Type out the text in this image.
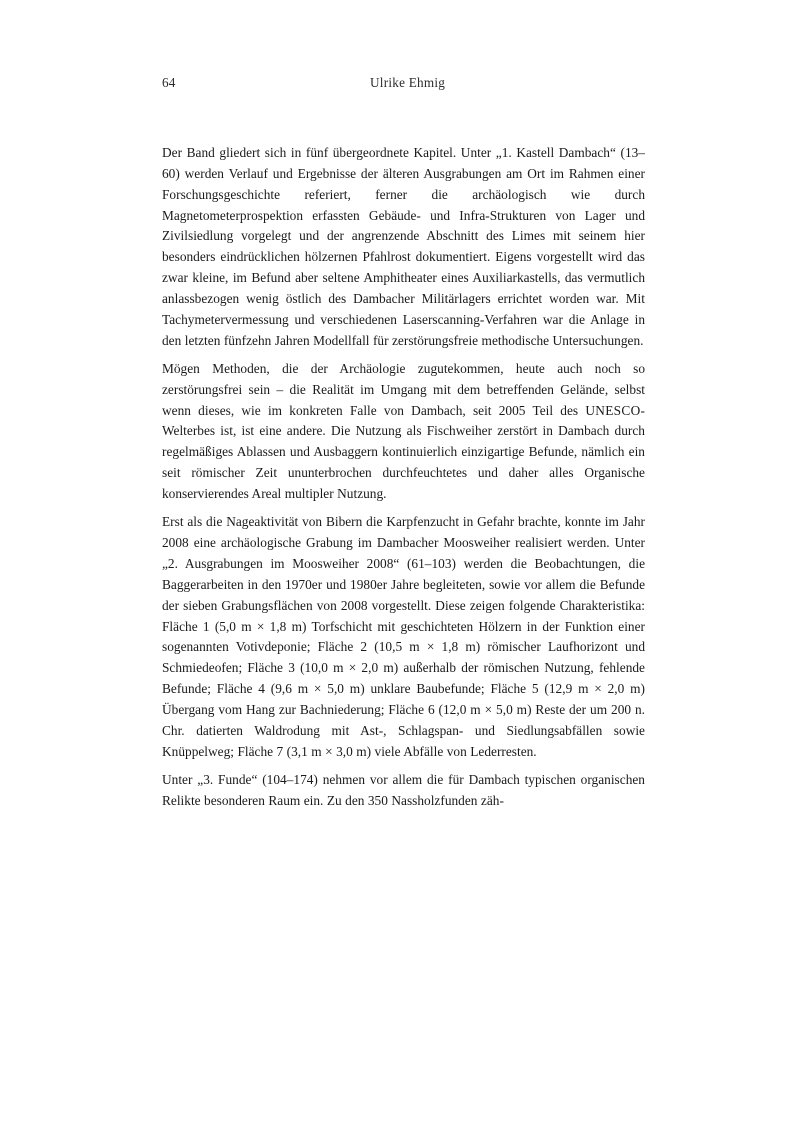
64	Ulrike Ehmig

Der Band gliedert sich in fünf übergeordnete Kapitel. Unter „1. Kastell Dambach“ (13–60) werden Verlauf und Ergebnisse der älteren Ausgrabungen am Ort im Rahmen einer Forschungsgeschichte referiert, ferner die archäologisch wie durch Magnetometerprospektion erfassten Gebäude- und Infra-Strukturen von Lager und Zivilsiedlung vorgelegt und der angrenzende Abschnitt des Limes mit seinem hier besonders eindrücklichen hölzernen Pfahlrost dokumentiert. Eigens vorgestellt wird das zwar kleine, im Befund aber seltene Amphitheater eines Auxiliarkastells, das vermutlich anlassbezogen wenig östlich des Dambacher Militärlagers errichtet worden war. Mit Tachymetervermessung und verschiedenen Laserscanning-Verfahren war die Anlage in den letzten fünfzehn Jahren Modellfall für zerstörungsfreie methodische Untersuchungen.

Mögen Methoden, die der Archäologie zugutekommen, heute auch noch so zerstörungsfrei sein – die Realität im Umgang mit dem betreffenden Gelände, selbst wenn dieses, wie im konkreten Falle von Dambach, seit 2005 Teil des UNESCO-Welterbes ist, ist eine andere. Die Nutzung als Fischweiher zerstört in Dambach durch regelmäßiges Ablassen und Ausbaggern kontinuierlich einzigartige Befunde, nämlich ein seit römischer Zeit ununterbrochen durchfeuchtetes und daher alles Organische konservierendes Areal multipler Nutzung.

Erst als die Nageaktivität von Bibern die Karpfenzucht in Gefahr brachte, konnte im Jahr 2008 eine archäologische Grabung im Dambacher Moosweiher realisiert werden. Unter „2. Ausgrabungen im Moosweiher 2008“ (61–103) werden die Beobachtungen, die Baggerarbeiten in den 1970er und 1980er Jahre begleiteten, sowie vor allem die Befunde der sieben Grabungsflächen von 2008 vorgestellt. Diese zeigen folgende Charakteristika: Fläche 1 (5,0 m × 1,8 m) Torfschicht mit geschichteten Hölzern in der Funktion einer sogenannten Votivdeponie; Fläche 2 (10,5 m × 1,8 m) römischer Laufhorizont und Schmiedeofen; Fläche 3 (10,0 m × 2,0 m) außerhalb der römischen Nutzung, fehlende Befunde; Fläche 4 (9,6 m × 5,0 m) unklare Baubefunde; Fläche 5 (12,9 m × 2,0 m) Übergang vom Hang zur Bachniederung; Fläche 6 (12,0 m × 5,0 m) Reste der um 200 n. Chr. datierten Waldrodung mit Ast-, Schlagspan- und Siedlungsabfällen sowie Knüppelweg; Fläche 7 (3,1 m × 3,0 m) viele Abfälle von Lederresten.

Unter „3. Funde“ (104–174) nehmen vor allem die für Dambach typischen organischen Relikte besonderen Raum ein. Zu den 350 Nassholzfunden zäh-
